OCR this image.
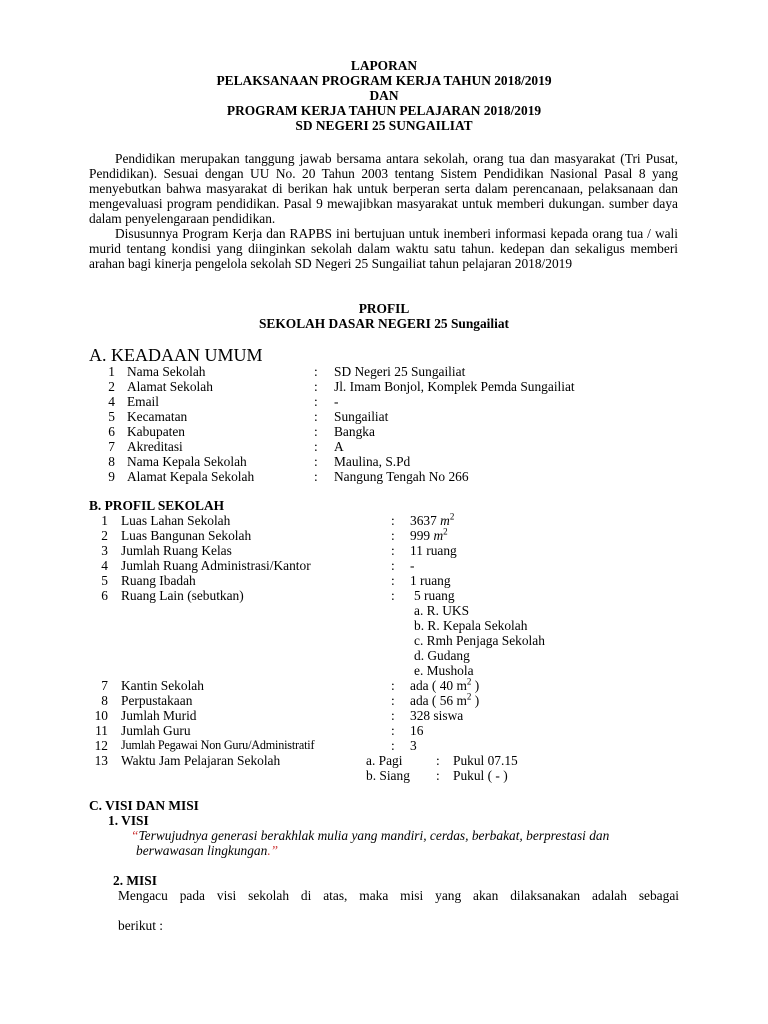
LAPORAN
PELAKSANAAN PROGRAM KERJA TAHUN 2018/2019
DAN
PROGRAM KERJA TAHUN PELAJARAN 2018/2019
SD NEGERI 25 SUNGAILIAT

Pendidikan merupakan tanggung jawab bersama antara sekolah, orang tua dan masyarakat (Tri Pusat, Pendidikan). Sesuai dengan UU No. 20 Tahun 2003 tentang Sistem Pendidikan Nasional Pasal 8 yang menyebutkan bahwa masyarakat di berikan hak untuk berperan serta dalam perencanaan, pelaksanaan dan mengevaluasi program pendidikan. Pasal 9 mewajibkan masyarakat untuk memberi dukungan. sumber daya dalam penyelengaraan pendidikan.

Disusunnya Program Kerja dan RAPBS ini bertujuan untuk inemberi informasi kepada orang tua / wali murid tentang kondisi yang diinginkan sekolah dalam waktu satu tahun. kedepan dan sekaligus memberi arahan bagi kinerja pengelola sekolah SD Negeri 25 Sungailiat tahun pelajaran 2018/2019

PROFIL
SEKOLAH DASAR NEGERI 25 Sungailiat
A. KEADAAN UMUM
1 Nama Sekolah	: SD Negeri 25 Sungailiat
2 Alamat Sekolah	: Jl. Imam Bonjol, Komplek Pemda Sungailiat
4 Email	: -
5 Kecamatan	: Sungailiat
6 Kabupaten	: Bangka
7 Akreditasi	: A
8 Nama Kepala Sekolah	: Maulina, S.Pd
9 Alamat Kepala Sekolah	: Nangung Tengah No 266
B. PROFIL SEKOLAH
1 Luas Lahan Sekolah	: 3637 $m^2$
2 Luas Bangunan Sekolah	: 999 $m^2$
3 Jumlah Ruang Kelas	: 11 ruang
4 Jumlah Ruang Administrasi/Kantor	: -
5 Ruang Ibadah	: 1 ruang
6 Ruang Lain (sebutkan)	: 5 ruang
a. R. UKS
b. R. Kepala Sekolah
c. Rmh Penjaga Sekolah
d. Gudang
e. Mushola
7 Kantin Sekolah	: ada ( 40 $m^2$ )
8 Perpustakaan	: ada ( 56 $m^2$ )
10 Jumlah Murid	: 328 siswa
11 Jumlah Guru	: 16
12 Jumlah Pegawai Non Guru/Administratif	: 3
13 Waktu Jam Pelajaran Sekolah	a. Pagi	: Pukul 07.15
b. Siang : Pukul ( - )
C. VISI DAN MISI
1. VISI
“Terwujudnya generasi berakhlak mulia yang mandiri, cerdas, berbakat, berprestasi dan
berwawasan lingkungan.”
2. MISI
Mengacu pada visi sekolah di atas, maka misi yang akan dilaksanakan adalah sebagai
berikut :
